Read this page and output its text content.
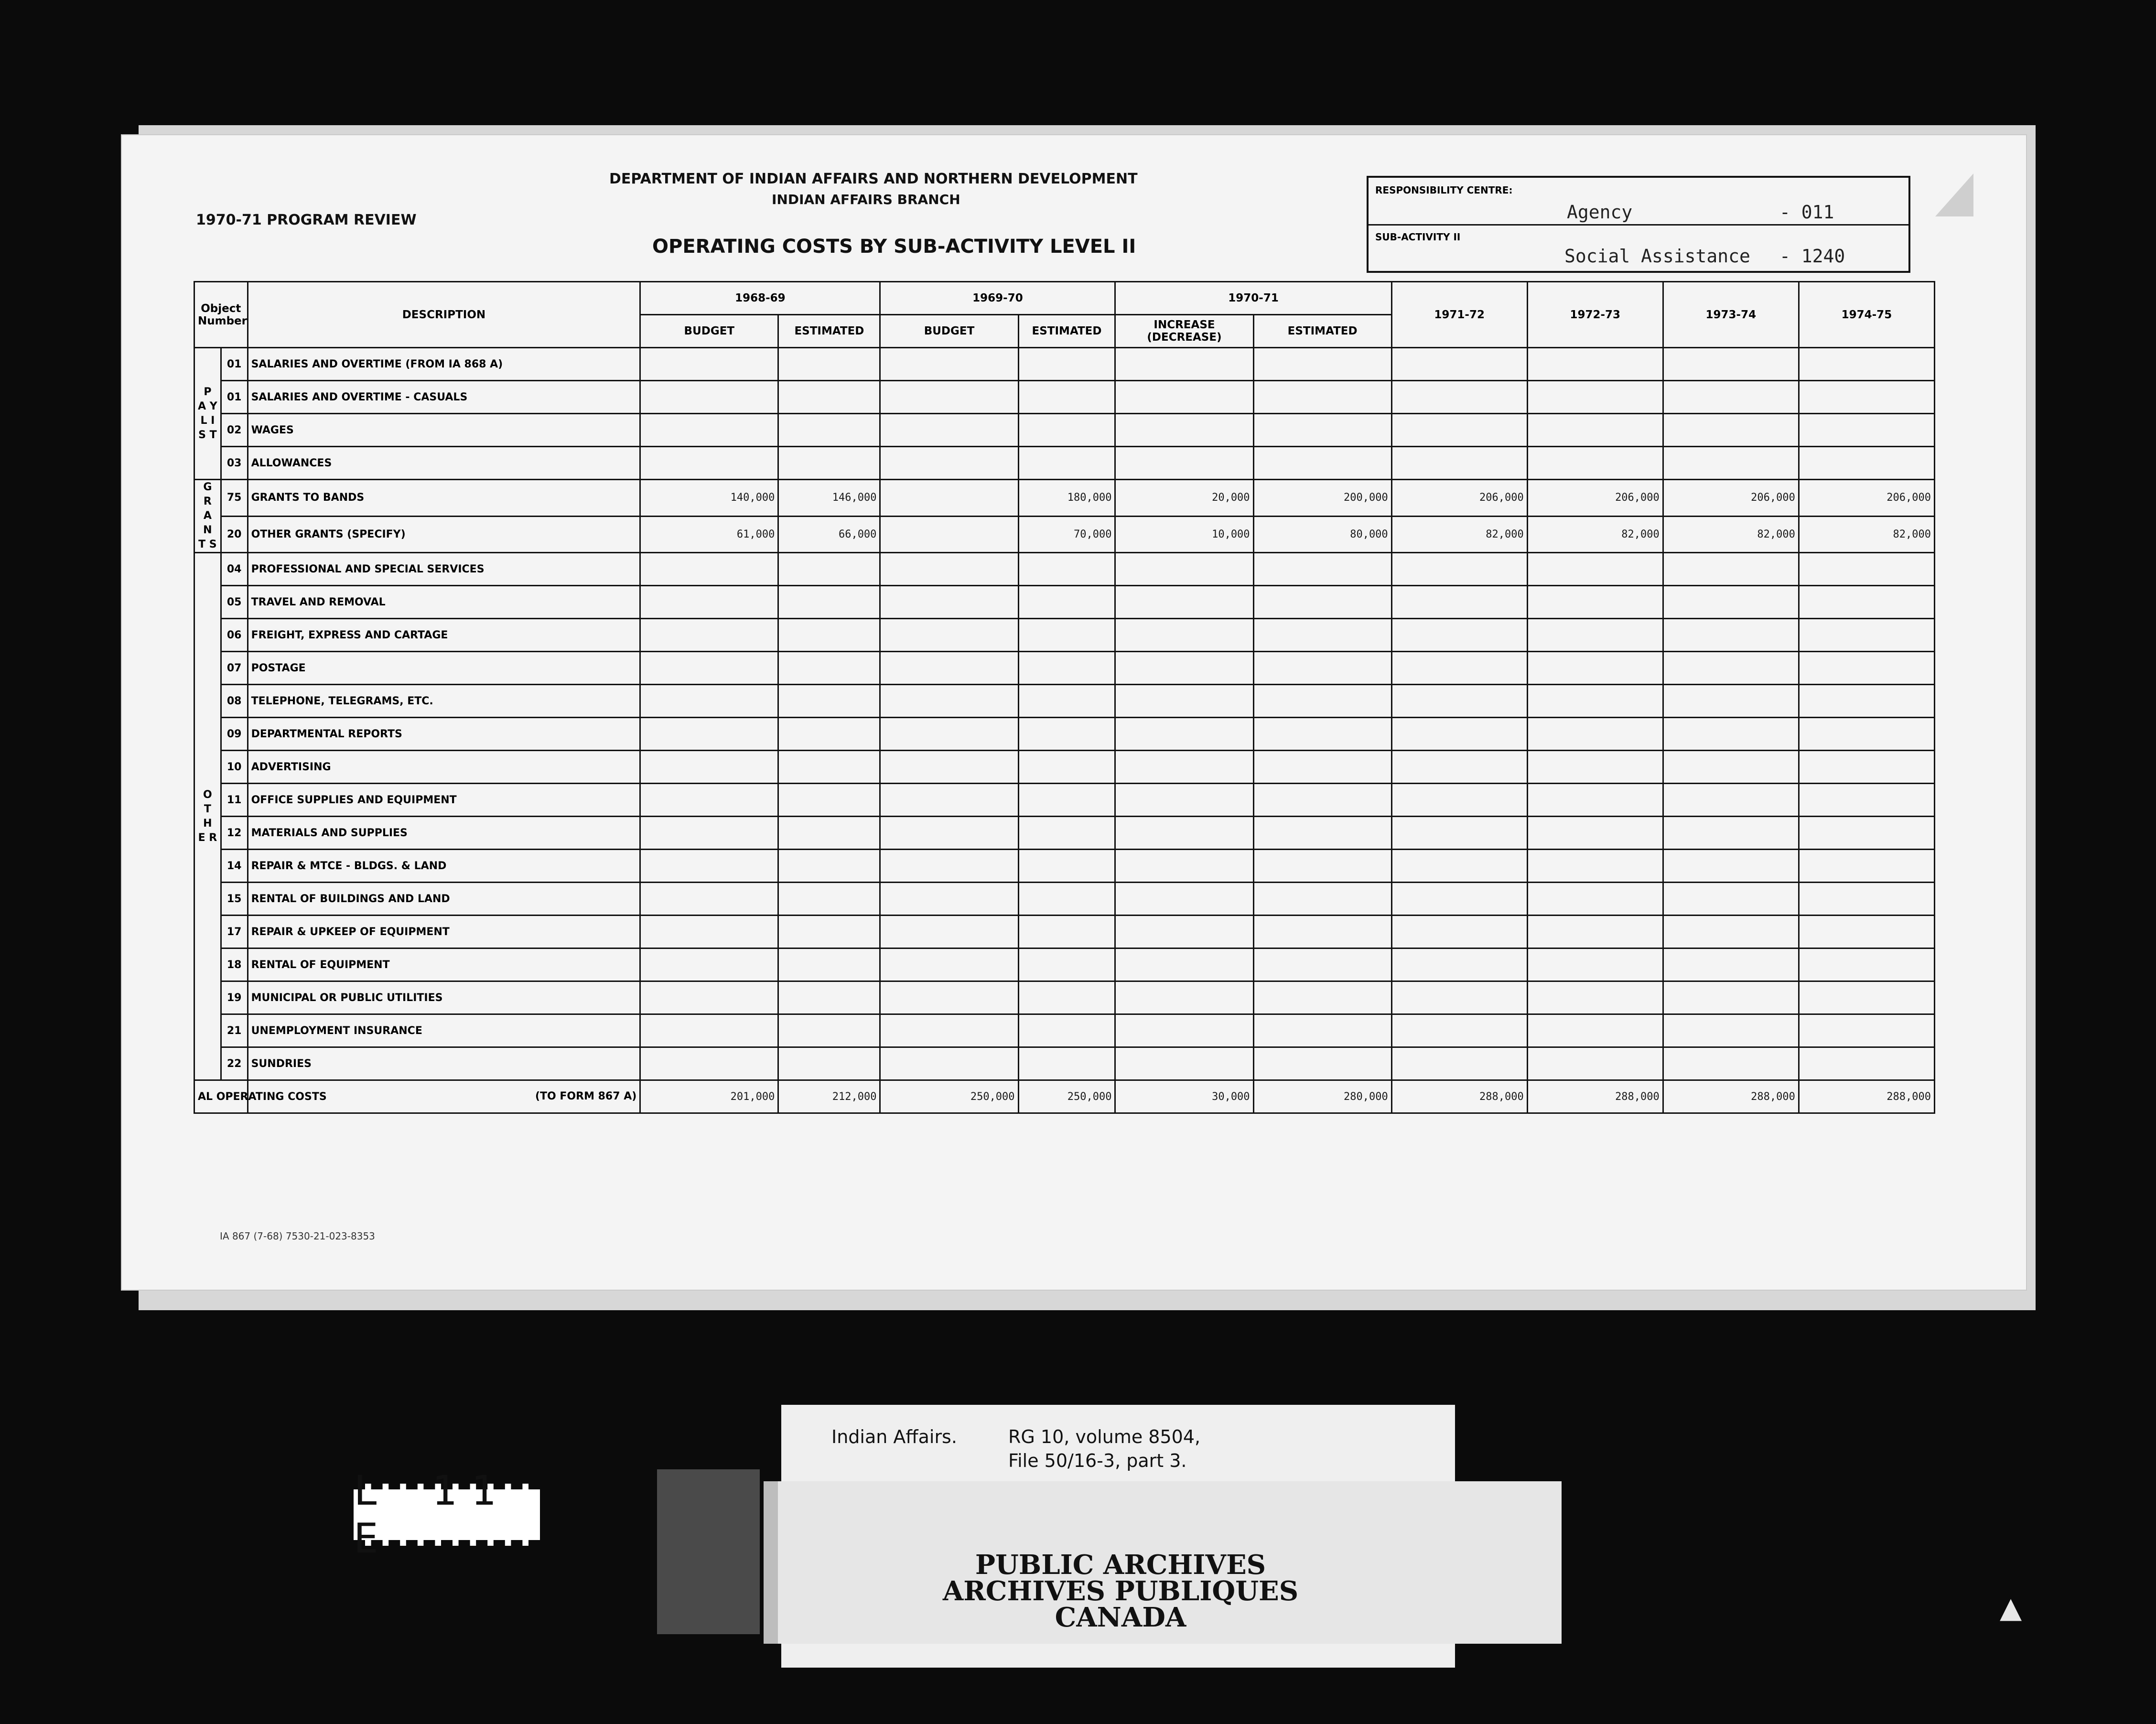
1970-71 PROGRAM REVIEW
DEPARTMENT OF INDIAN AFFAIRS AND NORTHERN DEVELOPMENT
INDIAN AFFAIRS BRANCH
OPERATING COSTS BY SUB-ACTIVITY LEVEL II
RESPONSIBILITY CENTRE:
Agency	- 011
SUB-ACTIVITY II
Social Assistance - 1240
Object Number		DESCRIPTION	1968-69		1969-70		1970-71		1971-72	1972-73	1973-74	1974-75
			BUDGET	ESTIMATED	BUDGET	ESTIMATED	INCREASE (DECREASE)	ESTIMATED				
P A Y L I S T	01	SALARIES AND OVERTIME (FROM IA 868 A)										
	01	SALARIES AND OVERTIME - CASUALS										
	02	WAGES										
	03	ALLOWANCES										
G R A N T S	75	GRANTS TO BANDS	140,000	146,000		180,000	20,000	200,000	206,000	206,000	206,000	206,000
	20	OTHER GRANTS (SPECIFY)	61,000	66,000		70,000	10,000	80,000	82,000	82,000	82,000	82,000
O T H E R	04	PROFESSIONAL AND SPECIAL SERVICES										
	05	TRAVEL AND REMOVAL										
	06	FREIGHT, EXPRESS AND CARTAGE										
	07	POSTAGE										
	08	TELEPHONE, TELEGRAMS, ETC.										
	09	DEPARTMENTAL REPORTS										
	10	ADVERTISING										
	11	OFFICE SUPPLIES AND EQUIPMENT										
	12	MATERIALS AND SUPPLIES										
	14	REPAIR & MTCE - BLDGS. & LAND										
	15	RENTAL OF BUILDINGS AND LAND										
	17	REPAIR & UPKEEP OF EQUIPMENT										
	18	RENTAL OF EQUIPMENT										
	19	MUNICIPAL OR PUBLIC UTILITIES										
	21	UNEMPLOYMENT INSURANCE										
	22	SUNDRIES										
AL OPERATING COSTS		(TO FORM 867 A)	201,000	212,000	250,000	250,000	30,000	280,000	288,000	288,000	288,000	288,000
IA 867 (7-68) 7530-21-023-8353
L 11 E
Indian Affairs.	RG 10, volume 8504,
File 50/16-3, part 3.
PUBLIC ARCHIVES
ARCHIVES PUBLIQUES
CANADA	▲
